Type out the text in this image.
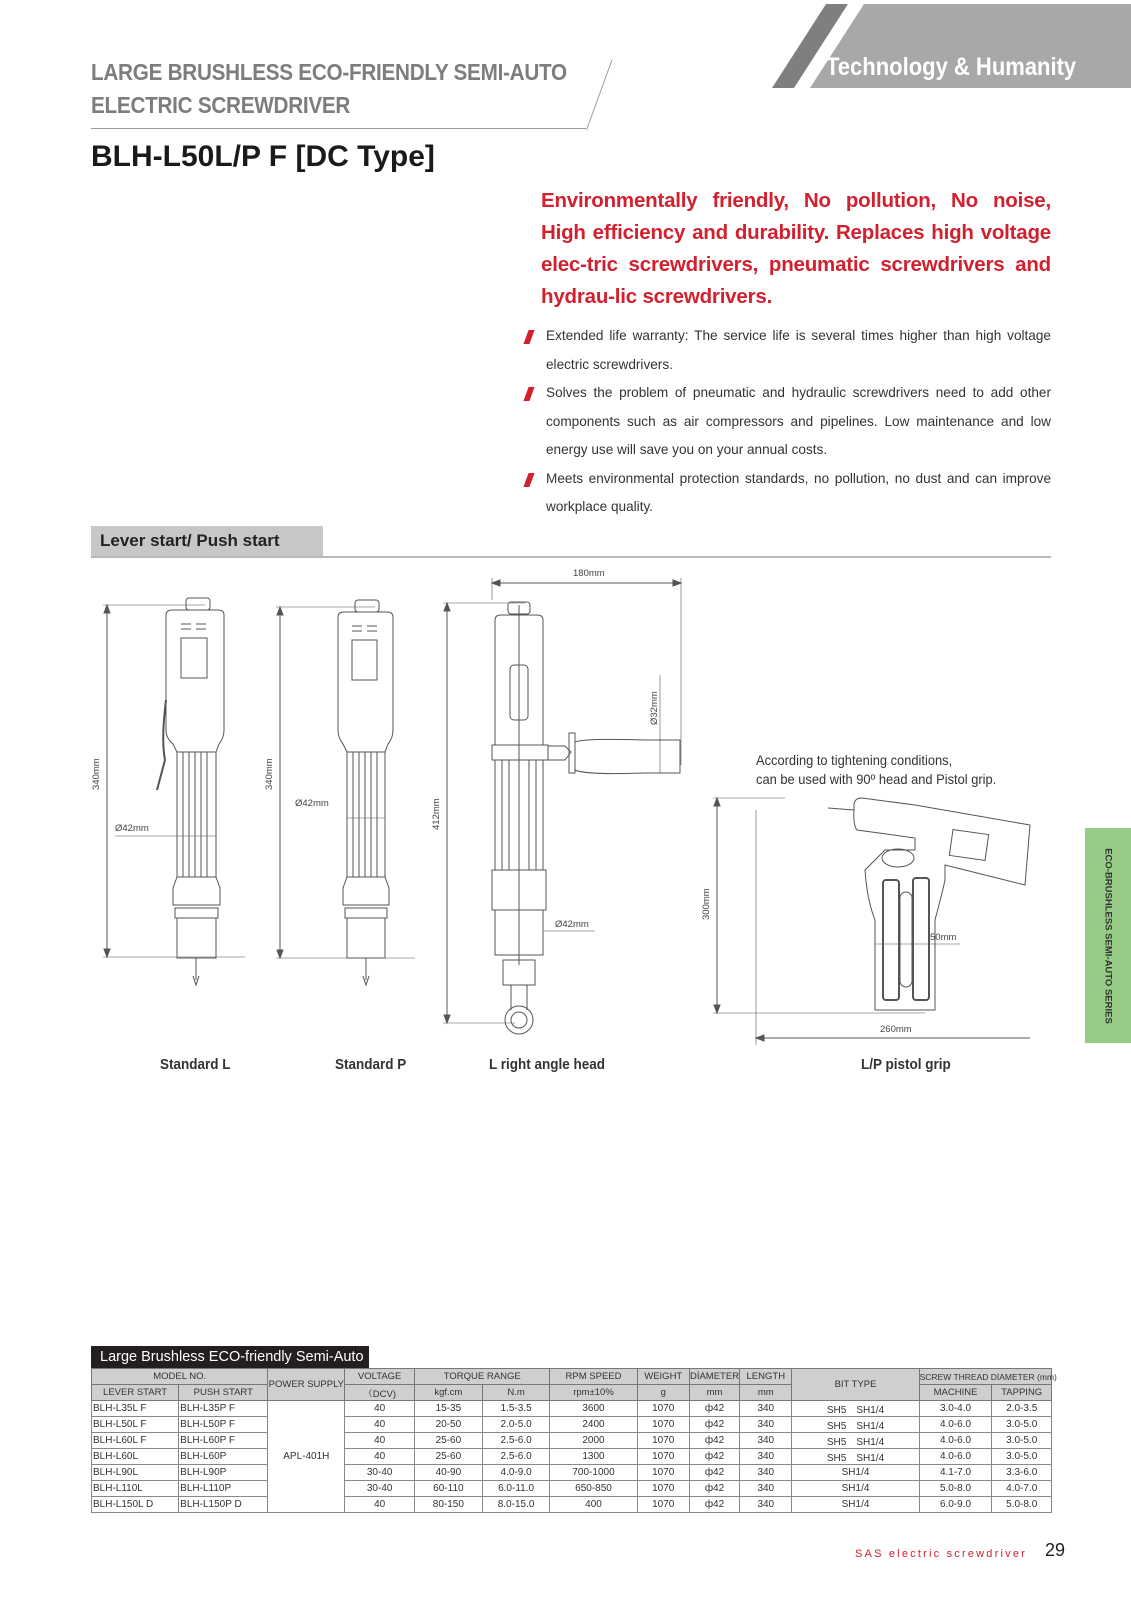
Technology & Humanity
LARGE BRUSHLESS ECO-FRIENDLY SEMI-AUTO
ELECTRIC SCREWDRIVER
BLH-L50L/P F [DC Type]
Environmentally friendly, No pollution, No noise, High efficiency and durability. Replaces high voltage elec-tric screwdrivers, pneumatic screwdrivers and hydrau-lic screwdrivers.
Extended life warranty: The service life is several times higher than high voltage electric screwdrivers.
Solves the problem of pneumatic and hydraulic screwdrivers need to add other components such as air compressors and pipelines. Low maintenance and low energy use will save you on your annual costs.
Meets environmental protection standards, no pollution, no dust and can improve workplace quality.
Lever start/ Push start
340mm
Ø42mm
340mm
Ø42mm
180mm
412mm
Ø32mm
Ø42mm
300mm
50mm
260mm
According to tightening conditions,
can be used with 90º head and Pistol grip.
Standard L	Standard P	L right angle head	L/P pistol grip
ECO-BRUSHLESS SEMI-AUTO SERIES
Large Brushless ECO-friendly Semi-Auto
MODEL NO.		POWER SUPPLY	VOLTAGE	TORQUE RANGE		RPM SPEED	WEIGHT	DİAMETER	LENGTH	BIT TYPE	SCREW THREAD DİAMETER (mm)	
LEVER START	PUSH START		（DCV)	kgf.cm	N.m	rpm±10%	g	mm	mm		MACHINE	TAPPING
BLH-L35L F	BLH-L35P F	APL-401H	40	15-35	1.5-3.5	3600	1070	ф42	340	SH5　SH1/4	3.0-4.0	2.0-3.5
BLH-L50L F	BLH-L50P F		40	20-50	2.0-5.0	2400	1070	ф42	340	SH5　SH1/4	4.0-6.0	3.0-5.0
BLH-L60L F	BLH-L60P F		40	25-60	2.5-6.0	2000	1070	ф42	340	SH5　SH1/4	4.0-6.0	3.0-5.0
BLH-L60L	BLH-L60P		40	25-60	2.5-6.0	1300	1070	ф42	340	SH5　SH1/4	4.0-6.0	3.0-5.0
BLH-L90L	BLH-L90P		30-40	40-90	4.0-9.0	700-1000	1070	ф42	340	SH1/4	4.1-7.0	3.3-6.0
BLH-L110L	BLH-L110P		30-40	60-110	6.0-11.0	650-850	1070	ф42	340	SH1/4	5.0-8.0	4.0-7.0
BLH-L150L D	BLH-L150P D		40	80-150	8.0-15.0	400	1070	ф42	340	SH1/4	6.0-9.0	5.0-8.0
SAS electric screwdriver 29
